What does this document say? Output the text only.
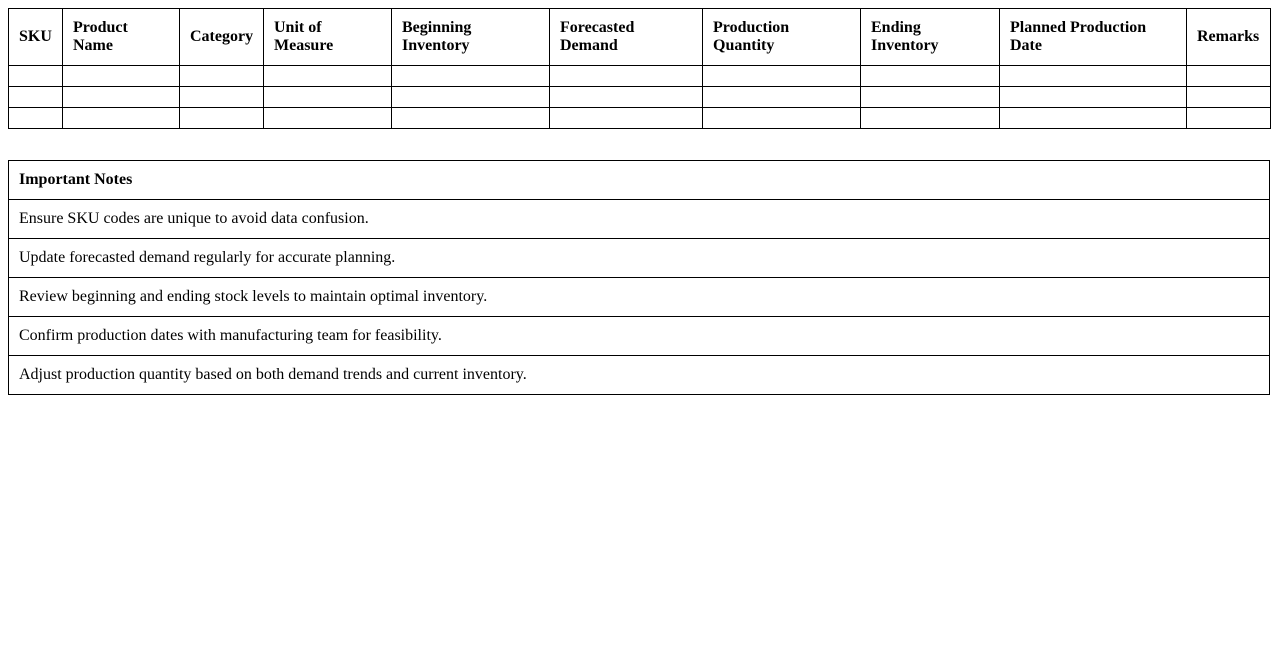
SKU	Product Name	Category	Unit of Measure	Beginning Inventory	Forecasted Demand	Production Quantity	Ending Inventory	Planned Production Date	Remarks

Important Notes
Ensure SKU codes are unique to avoid data confusion.
Update forecasted demand regularly for accurate planning.
Review beginning and ending stock levels to maintain optimal inventory.
Confirm production dates with manufacturing team for feasibility.
Adjust production quantity based on both demand trends and current inventory.
